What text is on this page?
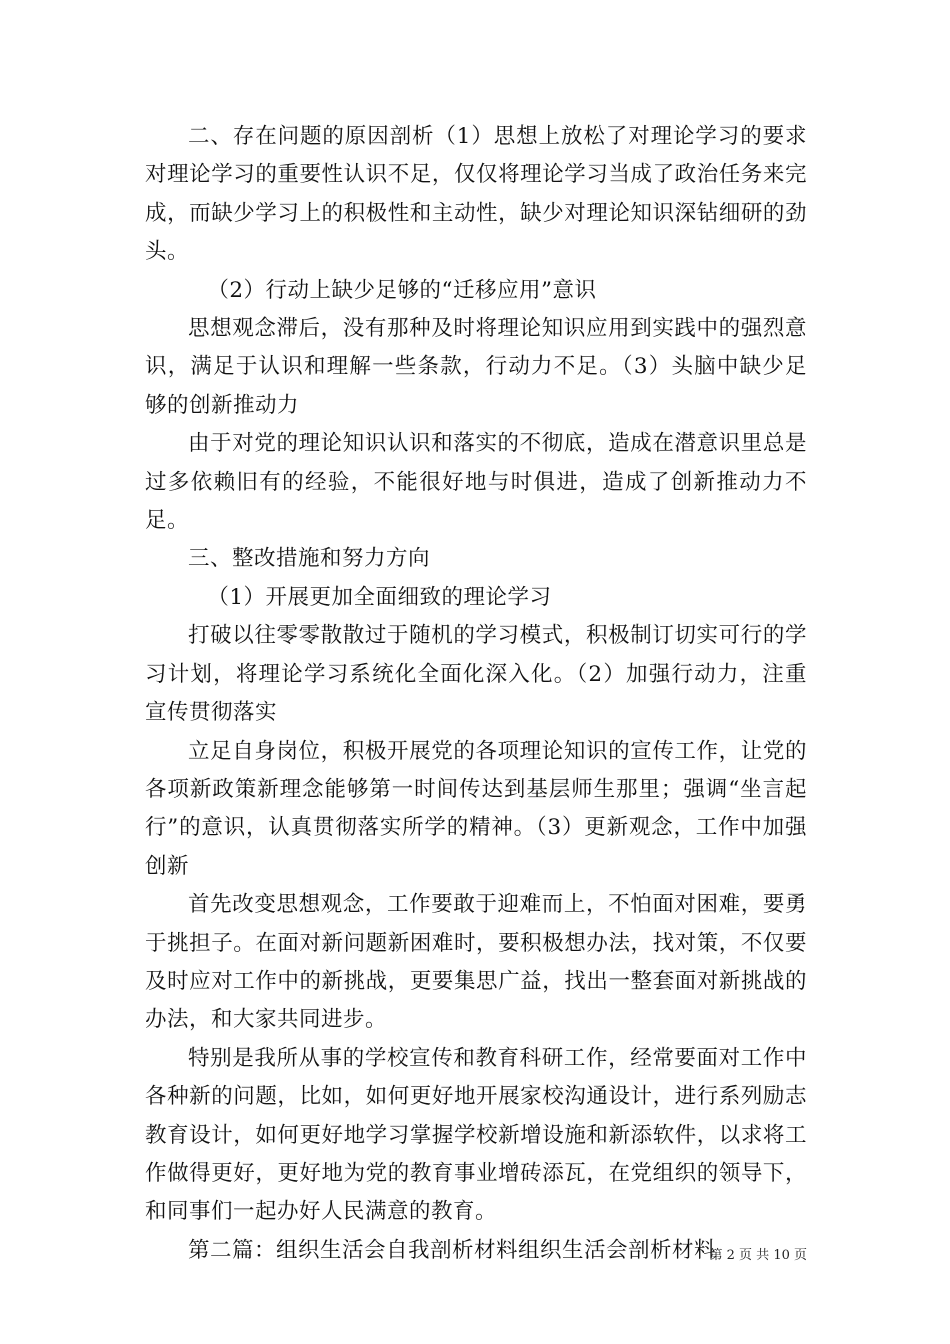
二、存在问题的原因剖析（1）思想上放松了对理论学习的要求对理论学习的重要性认识不足，仅仅将理论学习当成了政治任务来完成，而缺少学习上的积极性和主动性，缺少对理论知识深钻细研的劲头。

（2）行动上缺少足够的“迁移应用”意识

思想观念滞后，没有那种及时将理论知识应用到实践中的强烈意识，满足于认识和理解一些条款，行动力不足。（3）头脑中缺少足够的创新推动力

由于对党的理论知识认识和落实的不彻底，造成在潜意识里总是过多依赖旧有的经验，不能很好地与时俱进，造成了创新推动力不足。

三、整改措施和努力方向

（1）开展更加全面细致的理论学习

打破以往零零散散过于随机的学习模式，积极制订切实可行的学习计划，将理论学习系统化全面化深入化。（2）加强行动力，注重宣传贯彻落实

立足自身岗位，积极开展党的各项理论知识的宣传工作，让党的各项新政策新理念能够第一时间传达到基层师生那里；强调“坐言起行”的意识，认真贯彻落实所学的精神。（3）更新观念，工作中加强创新

首先改变思想观念，工作要敢于迎难而上，不怕面对困难，要勇于挑担子。在面对新问题新困难时，要积极想办法，找对策，不仅要及时应对工作中的新挑战，更要集思广益，找出一整套面对新挑战的办法，和大家共同进步。

特别是我所从事的学校宣传和教育科研工作，经常要面对工作中各种新的问题，比如，如何更好地开展家校沟通设计，进行系列励志教育设计，如何更好地学习掌握学校新增设施和新添软件，以求将工作做得更好，更好地为党的教育事业增砖添瓦，在党组织的领导下，和同事们一起办好人民满意的教育。

第二篇：组织生活会自我剖析材料组织生活会剖析材料

第 2 页 共 10 页
